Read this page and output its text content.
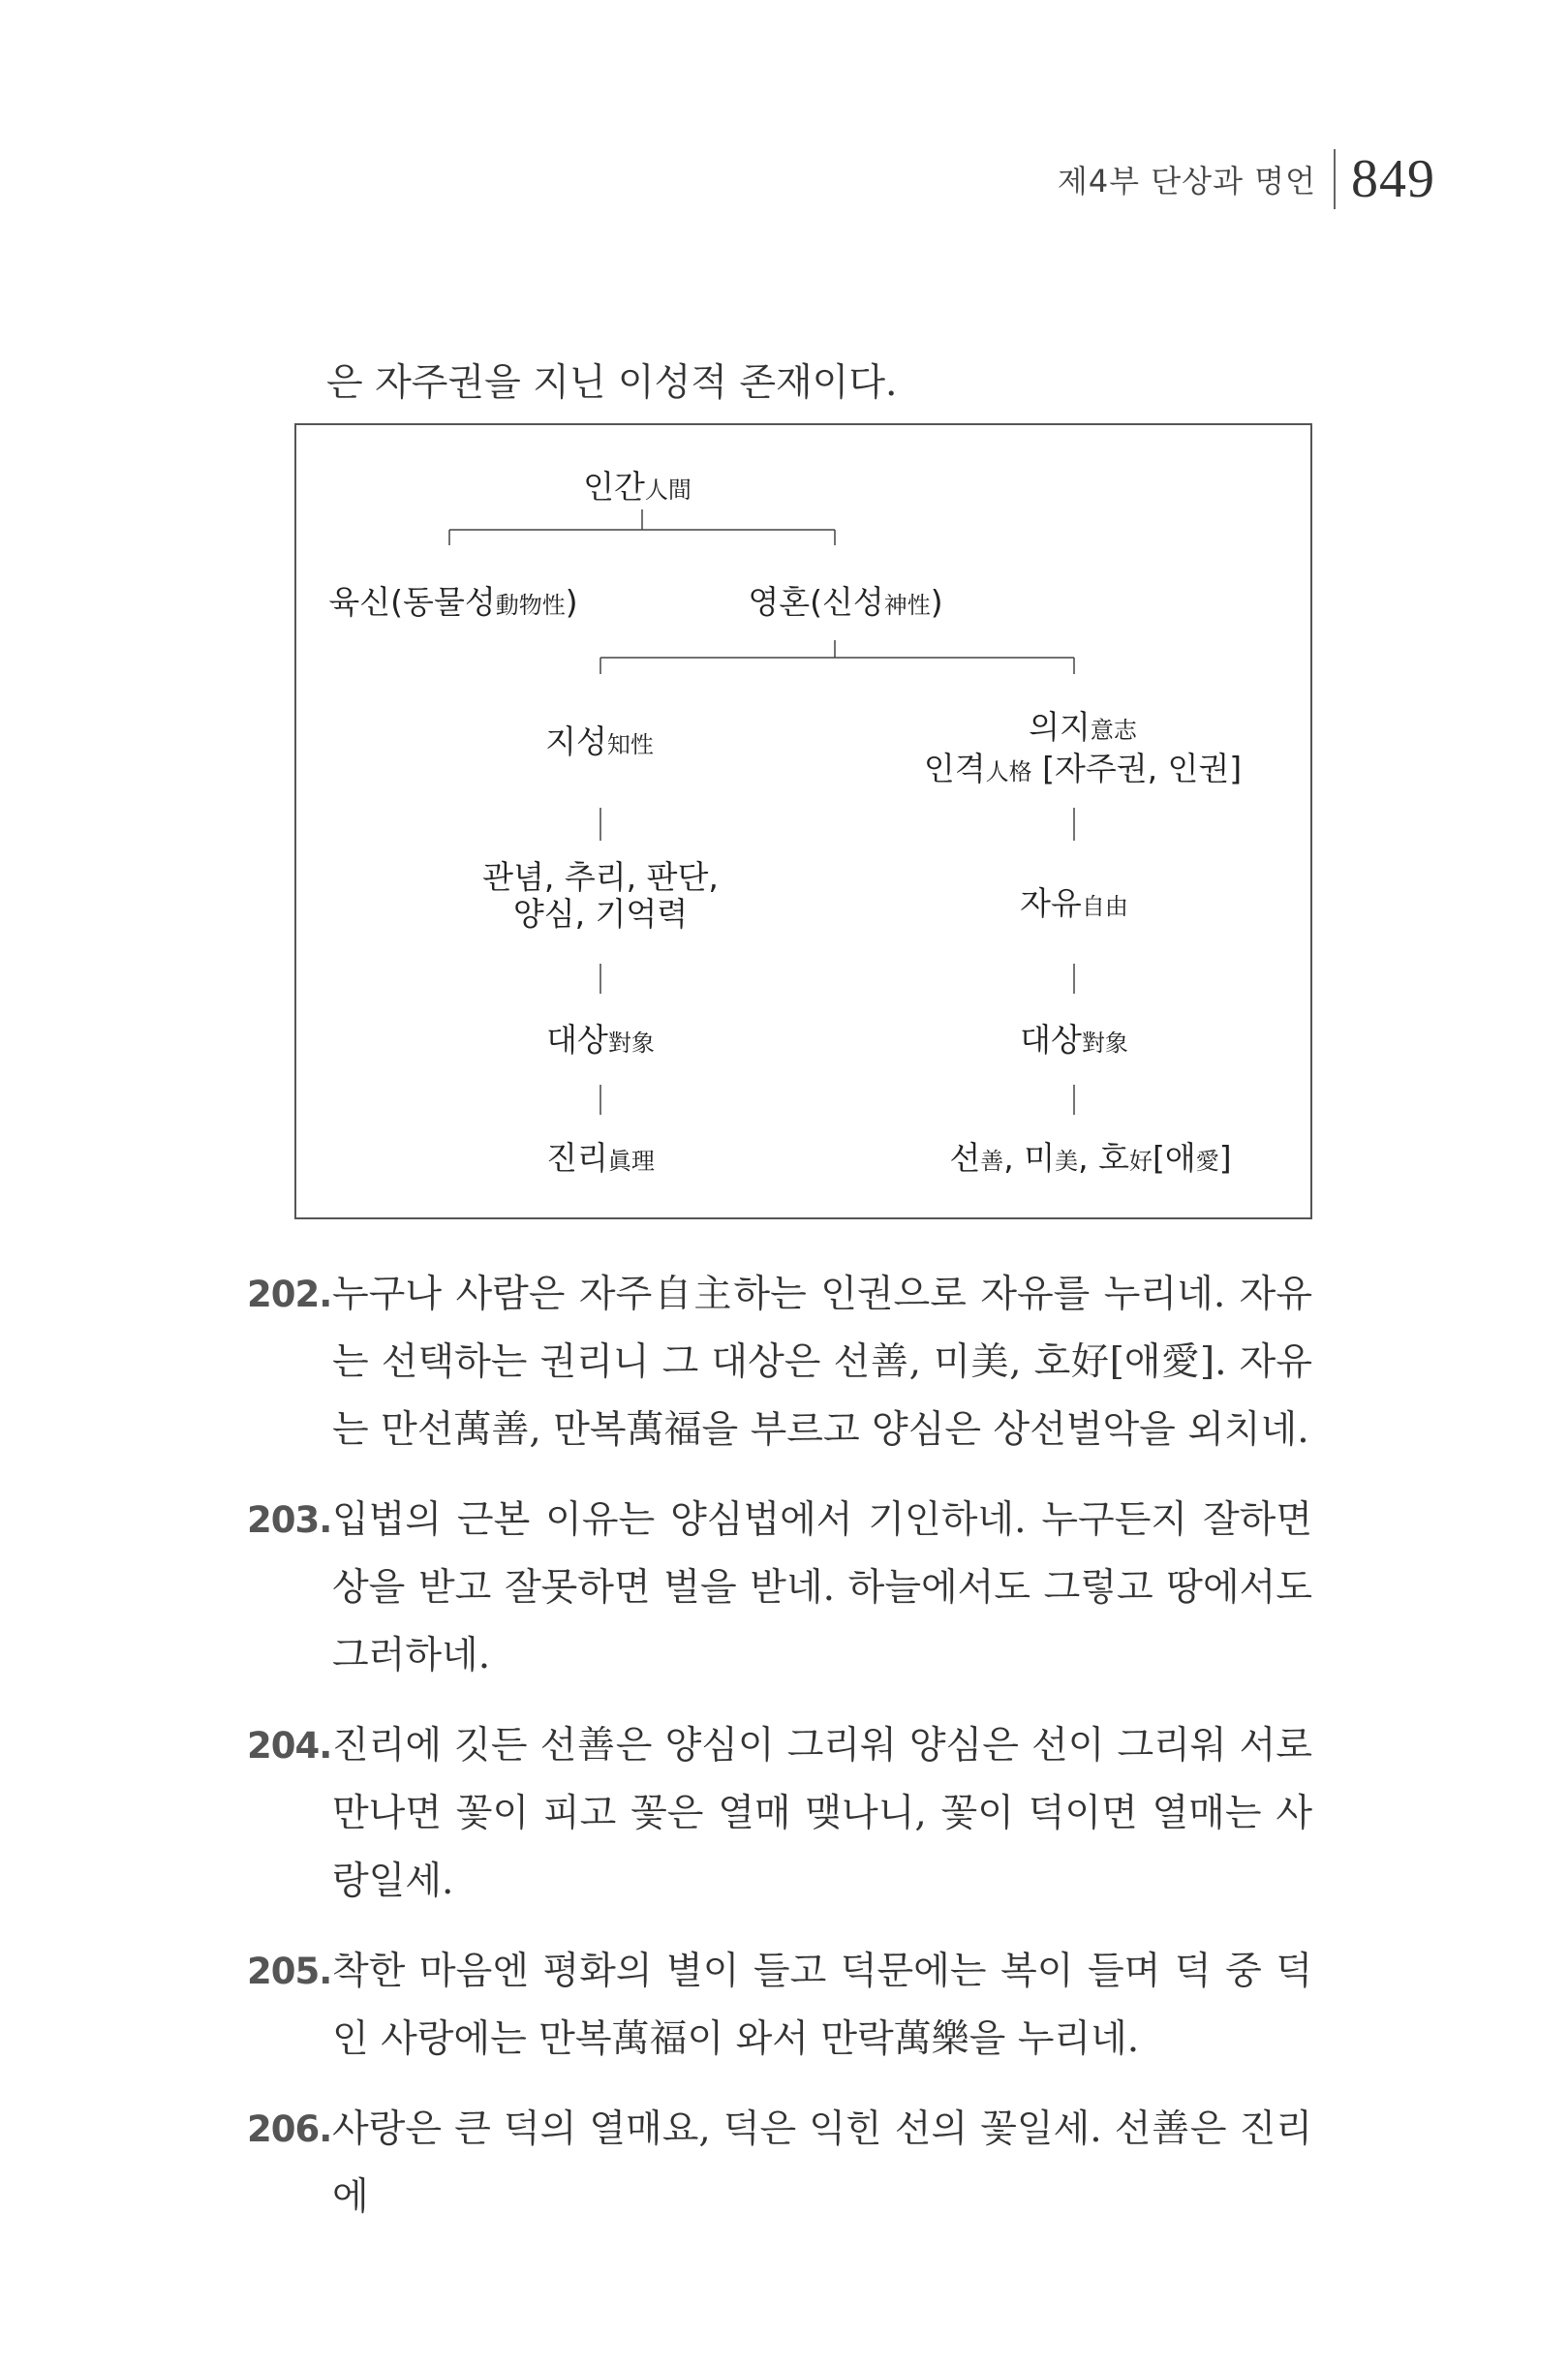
제4부 단상과 명언 849
은 자주권을 지닌 이성적 존재이다.
인간人間
육신(동물성動物性)	영혼(신성神性)
지성知性	의지意志
인격人格 [자주권, 인권]
관념, 추리, 판단,
양심, 기억력	자유自由
대상對象	대상對象
진리眞理	선善, 미美, 호好[애愛]
202. 누구나 사람은 자주自主하는 인권으로 자유를 누리네. 자유는 선택하는 권리니 그 대상은 선善, 미美, 호好[애愛]. 자유는 만선萬善, 만복萬福을 부르고 양심은 상선벌악을 외치네.
203. 입법의 근본 이유는 양심법에서 기인하네. 누구든지 잘하면 상을 받고 잘못하면 벌을 받네. 하늘에서도 그렇고 땅에서도 그러하네.
204. 진리에 깃든 선善은 양심이 그리워 양심은 선이 그리워 서로 만나면 꽃이 피고 꽃은 열매 맺나니, 꽃이 덕이면 열매는 사랑일세.
205. 착한 마음엔 평화의 별이 들고 덕문에는 복이 들며 덕 중 덕인 사랑에는 만복萬福이 와서 만락萬樂을 누리네.
206. 사랑은 큰 덕의 열매요, 덕은 익힌 선의 꽃일세. 선善은 진리에
